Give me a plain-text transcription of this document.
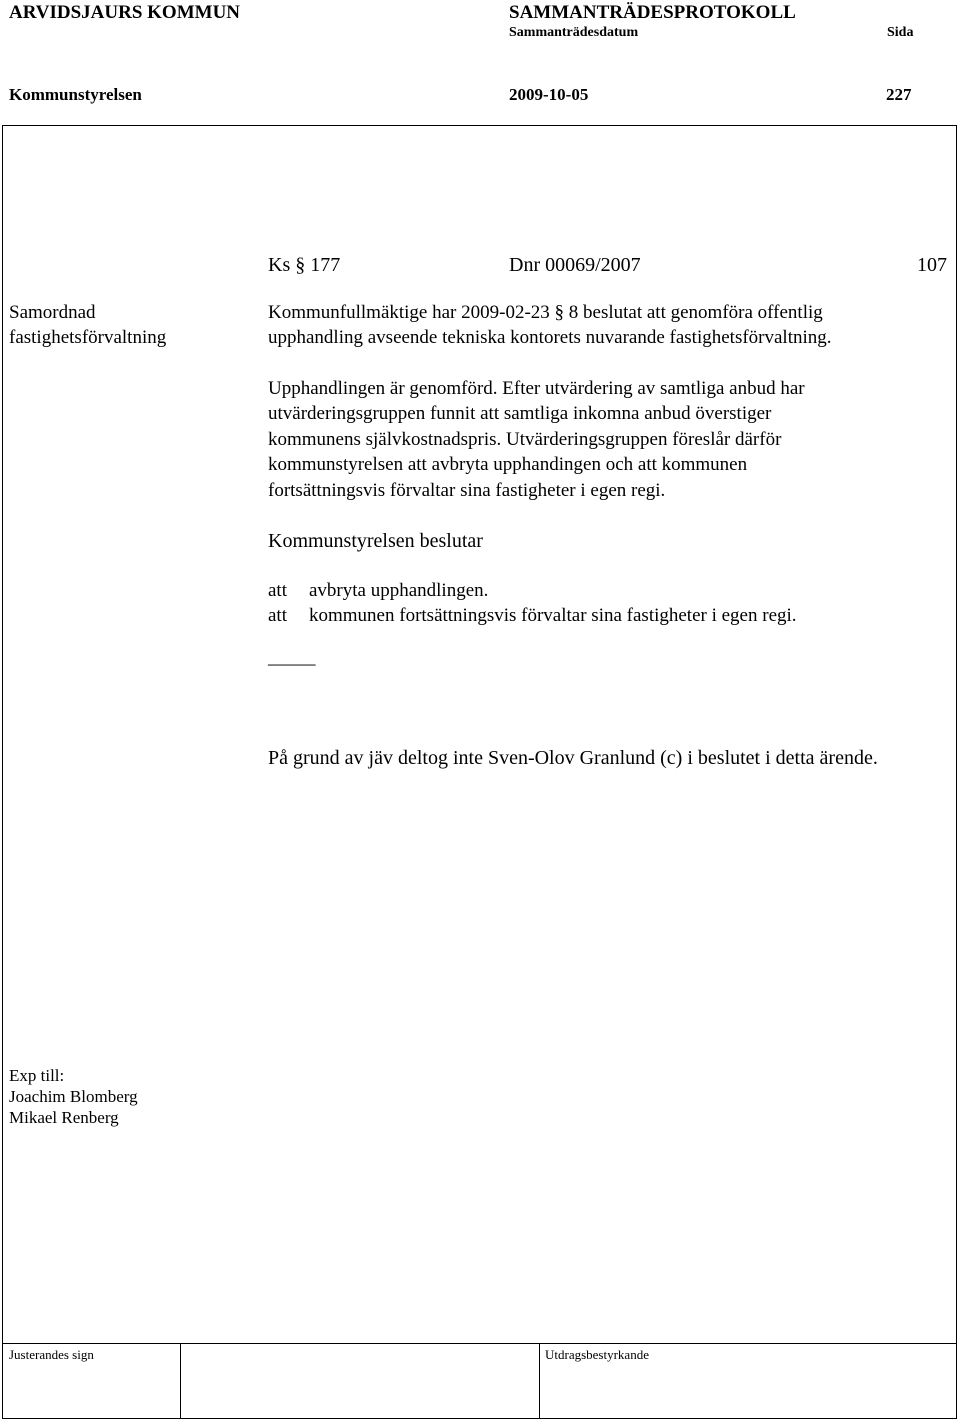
ARVIDSJAURS KOMMUN	SAMMANTRÄDESPROTOKOLL
Sammanträdesdatum	Sida
Kommunstyrelsen	2009-10-05	227
Ks § 177	Dnr 00069/2007	107
Samordnad
fastighetsförvaltning
Kommunfullmäktige har 2009-02-23 § 8 beslutat att genomföra offentlig
upphandling avseende tekniska kontorets nuvarande fastighetsförvaltning.
Upphandlingen är genomförd. Efter utvärdering av samtliga anbud har
utvärderingsgruppen funnit att samtliga inkomna anbud överstiger
kommunens självkostnadspris. Utvärderingsgruppen föreslår därför
kommunstyrelsen att avbryta upphandingen och att kommunen
fortsättningsvis förvaltar sina fastigheter i egen regi.
Kommunstyrelsen beslutar
att avbryta upphandlingen.
att kommunen fortsättningsvis förvaltar sina fastigheter i egen regi.
_____
På grund av jäv deltog inte Sven-Olov Granlund (c) i beslutet i detta ärende.
Exp till:
Joachim Blomberg
Mikael Renberg
Justerandes sign	Utdragsbestyrkande
